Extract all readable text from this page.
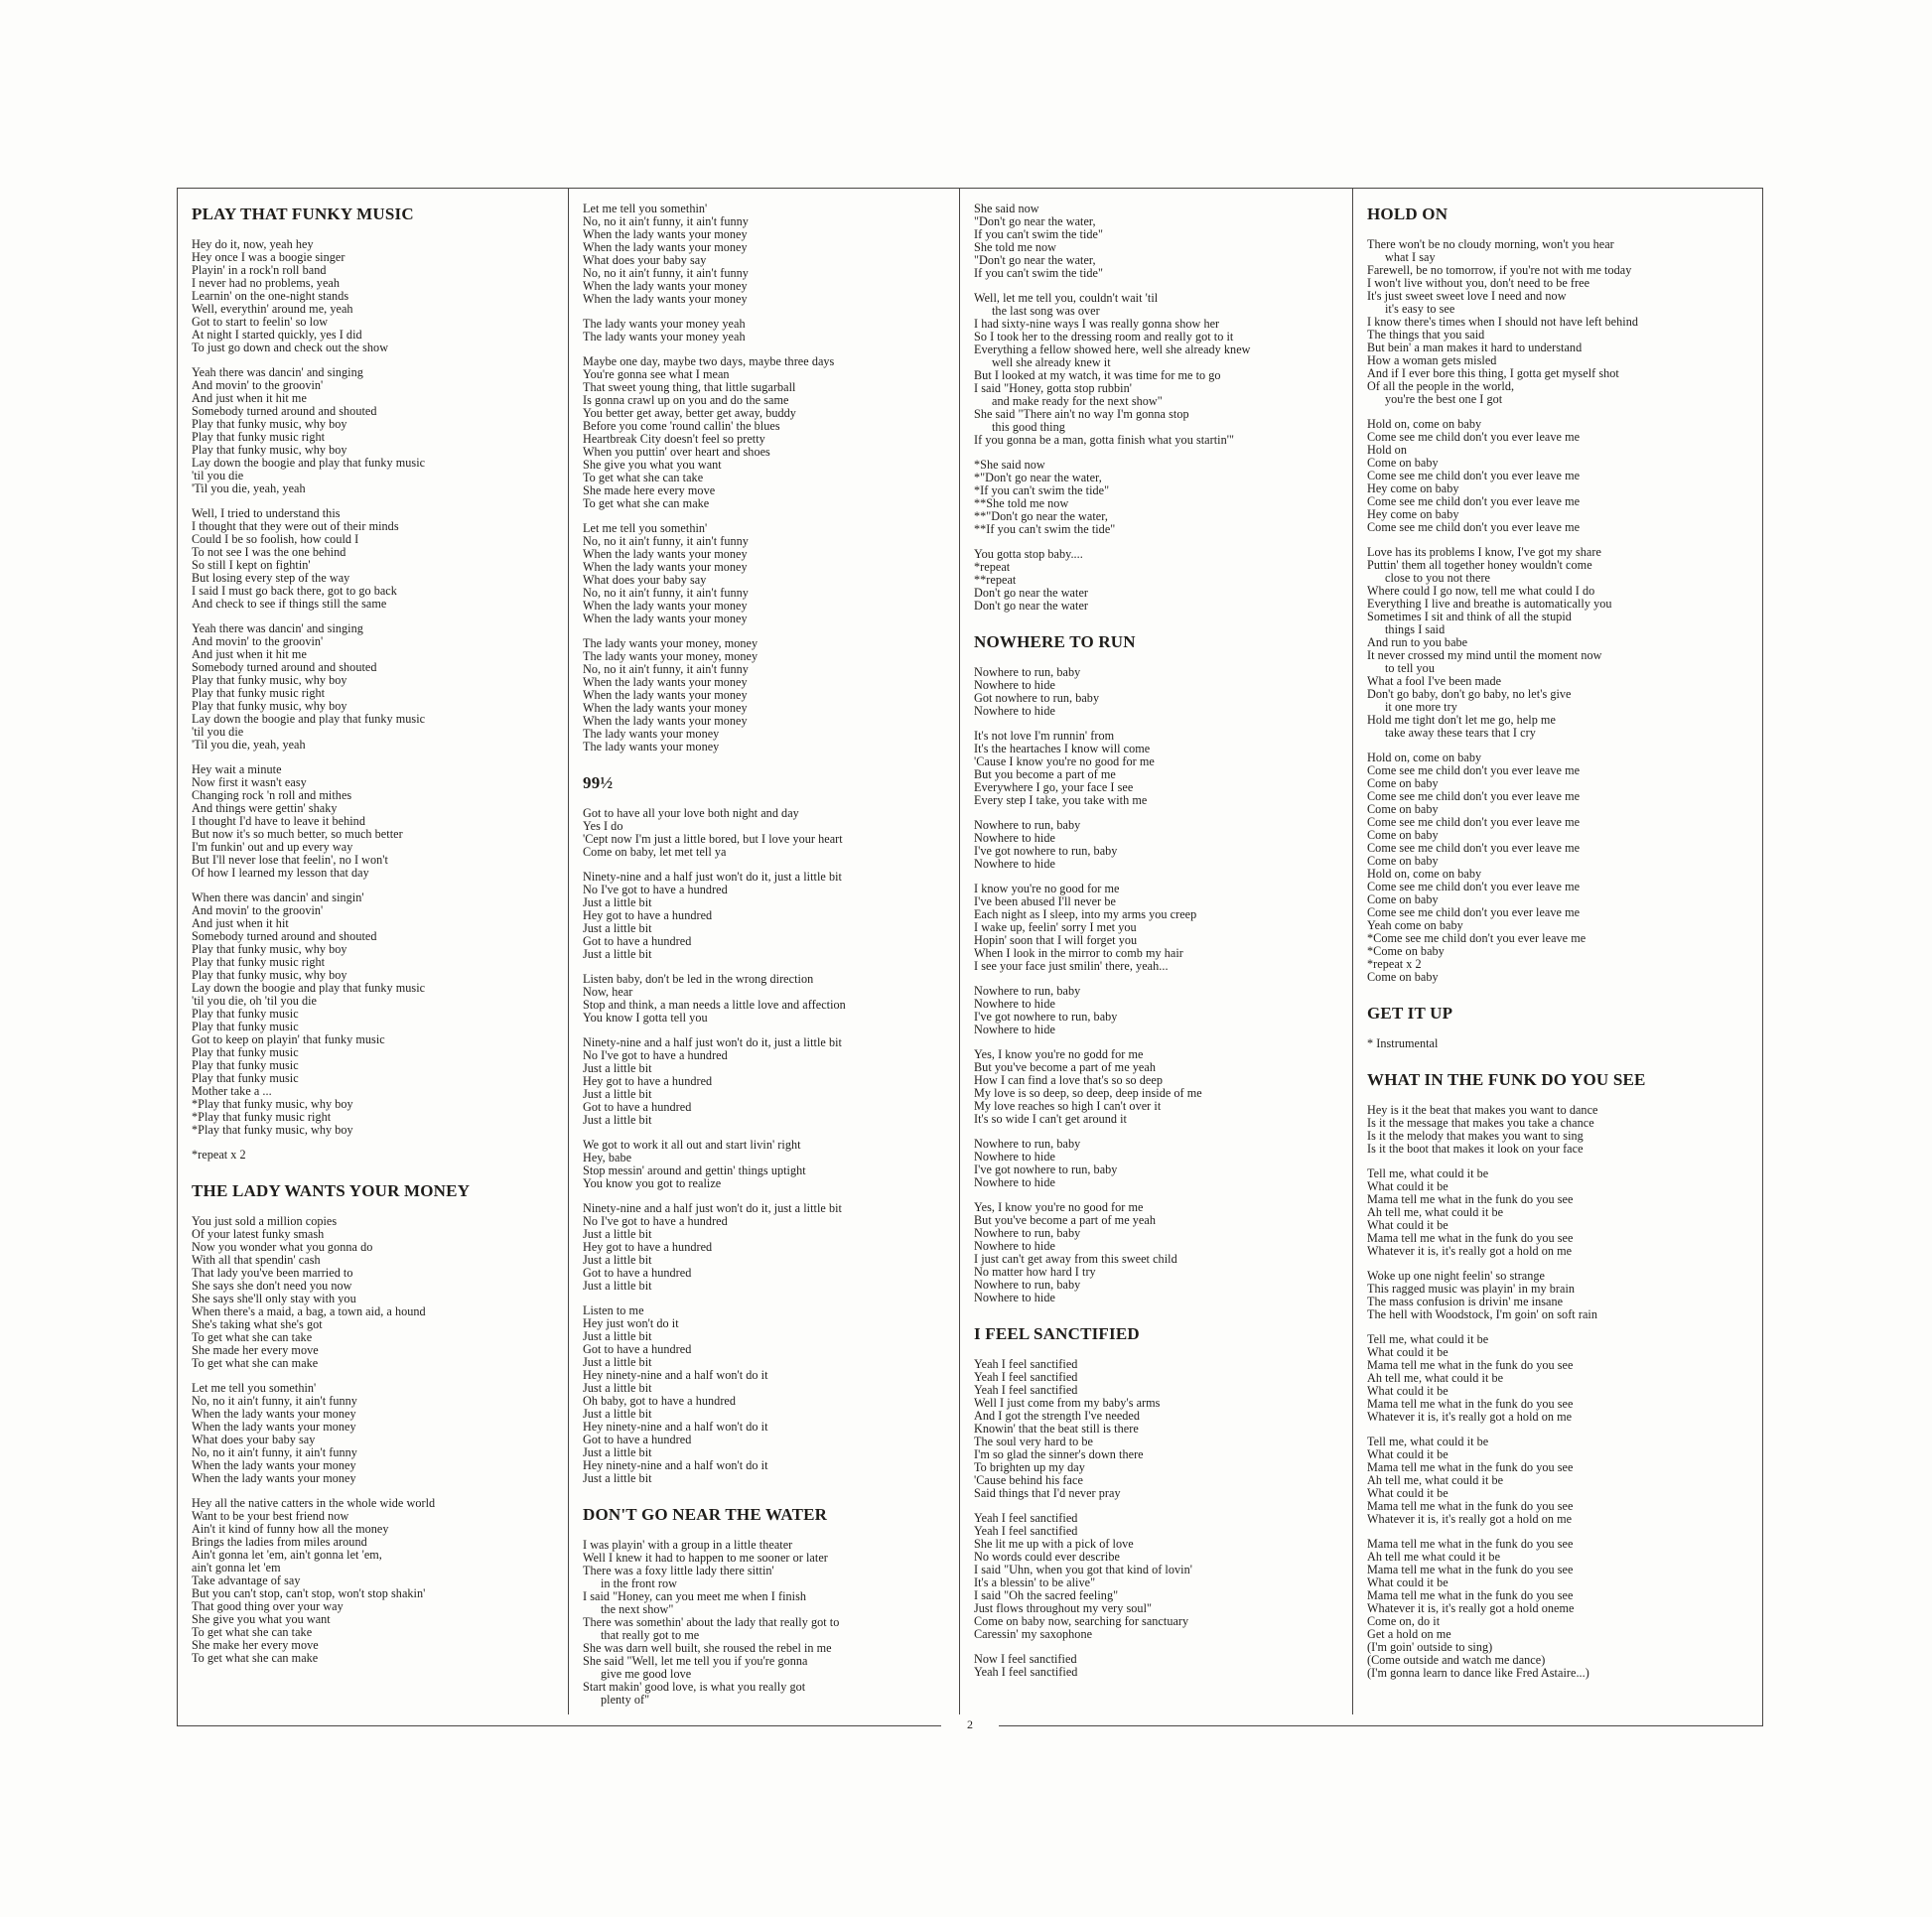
PLAY THAT FUNKY MUSIC
Hey do it, now, yeah hey
Hey once I was a boogie singer
Playin' in a rock'n roll band
I never had no problems, yeah
Learnin' on the one-night stands
Well, everythin' around me, yeah
Got to start to feelin' so low
At night I started quickly, yes I did
To just go down and check out the show
Yeah there was dancin' and singing
And movin' to the groovin'
And just when it hit me
Somebody turned around and shouted
Play that funky music, why boy
Play that funky music right
Play that funky music, why boy
Lay down the boogie and play that funky music
'til you die
'Til you die, yeah, yeah
Well, I tried to understand this
I thought that they were out of their minds
Could I be so foolish, how could I
To not see I was the one behind
So still I kept on fightin'
But losing every step of the way
I said I must go back there, got to go back
And check to see if things still the same
Yeah there was dancin' and singing
And movin' to the groovin'
And just when it hit me
Somebody turned around and shouted
Play that funky music, why boy
Play that funky music right
Play that funky music, why boy
Lay down the boogie and play that funky music
'til you die
'Til you die, yeah, yeah
Hey wait a minute
Now first it wasn't easy
Changing rock 'n roll and mithes
And things were gettin' shaky
I thought I'd have to leave it behind
But now it's so much better, so much better
I'm funkin' out and up every way
But I'll never lose that feelin', no I won't
Of how I learned my lesson that day
When there was dancin' and singin'
And movin' to the groovin'
And just when it hit
Somebody turned around and shouted
Play that funky music, why boy
Play that funky music right
Play that funky music, why boy
Lay down the boogie and play that funky music
'til you die, oh 'til you die
Play that funky music
Play that funky music
Got to keep on playin' that funky music
Play that funky music
Play that funky music
Play that funky music
Mother take a ...
*Play that funky music, why boy
*Play that funky music right
*Play that funky music, why boy
*repeat x 2
THE LADY WANTS YOUR MONEY
You just sold a million copies
Of your latest funky smash
Now you wonder what you gonna do
With all that spendin' cash
That lady you've been married to
She says she don't need you now
She says she'll only stay with you
When there's a maid, a bag, a town aid, a hound
She's taking what she's got
To get what she can take
She made her every move
To get what she can make
Let me tell you somethin'
No, no it ain't funny, it ain't funny
When the lady wants your money
When the lady wants your money
What does your baby say
No, no it ain't funny, it ain't funny
When the lady wants your money
When the lady wants your money
Hey all the native catters in the whole wide world
Want to be your best friend now
Ain't it kind of funny how all the money
Brings the ladies from miles around
Ain't gonna let 'em, ain't gonna let 'em,
ain't gonna let 'em
Take advantage of say
But you can't stop, can't stop, won't stop shakin'
That good thing over your way
She give you what you want
To get what she can take
She make her every move
To get what she can make
Let me tell you somethin'
No, no it ain't funny, it ain't funny
When the lady wants your money
When the lady wants your money
What does your baby say
No, no it ain't funny, it ain't funny
When the lady wants your money
When the lady wants your money
The lady wants your money yeah
The lady wants your money yeah
Maybe one day, maybe two days, maybe three days
You're gonna see what I mean
That sweet young thing, that little sugarball
Is gonna crawl up on you and do the same
You better get away, better get away, buddy
Before you come 'round callin' the blues
Heartbreak City doesn't feel so pretty
When you puttin' over heart and shoes
She give you what you want
To get what she can take
She made here every move
To get what she can make
Let me tell you somethin'
No, no it ain't funny, it ain't funny
When the lady wants your money
When the lady wants your money
What does your baby say
No, no it ain't funny, it ain't funny
When the lady wants your money
When the lady wants your money
The lady wants your money, money
The lady wants your money, money
No, no it ain't funny, it ain't funny
When the lady wants your money
When the lady wants your money
When the lady wants your money
When the lady wants your money
The lady wants your money
The lady wants your money
99½
Got to have all your love both night and day
Yes I do
'Cept now I'm just a little bored, but I love your heart
Come on baby, let met tell ya
Ninety-nine and a half just won't do it, just a little bit
No I've got to have a hundred
Just a little bit
Hey got to have a hundred
Just a little bit
Got to have a hundred
Just a little bit
Listen baby, don't be led in the wrong direction
Now, hear
Stop and think, a man needs a little love and affection
You know I gotta tell you
Ninety-nine and a half just won't do it, just a little bit
No I've got to have a hundred
Just a little bit
Hey got to have a hundred
Just a little bit
Got to have a hundred
Just a little bit
We got to work it all out and start livin' right
Hey, babe
Stop messin' around and gettin' things uptight
You know you got to realize
Ninety-nine and a half just won't do it, just a little bit
No I've got to have a hundred
Just a little bit
Hey got to have a hundred
Just a little bit
Got to have a hundred
Just a little bit
Listen to me
Hey just won't do it
Just a little bit
Got to have a hundred
Just a little bit
Hey ninety-nine and a half won't do it
Just a little bit
Oh baby, got to have a hundred
Just a little bit
Hey ninety-nine and a half won't do it
Got to have a hundred
Just a little bit
Hey ninety-nine and a half won't do it
Just a little bit
DON'T GO NEAR THE WATER
I was playin' with a group in a little theater
Well I knew it had to happen to me sooner or later
There was a foxy little lady there sittin'
in the front row
I said "Honey, can you meet me when I finish
the next show"
There was somethin' about the lady that really got to
that really got to me
She was darn well built, she roused the rebel in me
She said "Well, let me tell you if you're gonna
give me good love
Start makin' good love, is what you really got
plenty of"
She said now
"Don't go near the water,
If you can't swim the tide"
She told me now
"Don't go near the water,
If you can't swim the tide"
Well, let me tell you, couldn't wait 'til
the last song was over
I had sixty-nine ways I was really gonna show her
So I took her to the dressing room and really got to it
Everything a fellow showed here, well she already knew
well she already knew it
But I looked at my watch, it was time for me to go
I said "Honey, gotta stop rubbin'
and make ready for the next show"
She said "There ain't no way I'm gonna stop
this good thing
If you gonna be a man, gotta finish what you startin'"
*She said now
*"Don't go near the water,
*If you can't swim the tide"
**She told me now
**"Don't go near the water,
**If you can't swim the tide"
You gotta stop baby....
*repeat
**repeat
Don't go near the water
Don't go near the water
NOWHERE TO RUN
Nowhere to run, baby
Nowhere to hide
Got nowhere to run, baby
Nowhere to hide
It's not love I'm runnin' from
It's the heartaches I know will come
'Cause I know you're no good for me
But you become a part of me
Everywhere I go, your face I see
Every step I take, you take with me
Nowhere to run, baby
Nowhere to hide
I've got nowhere to run, baby
Nowhere to hide
I know you're no good for me
I've been abused I'll never be
Each night as I sleep, into my arms you creep
I wake up, feelin' sorry I met you
Hopin' soon that I will forget you
When I look in the mirror to comb my hair
I see your face just smilin' there, yeah...
Nowhere to run, baby
Nowhere to hide
I've got nowhere to run, baby
Nowhere to hide
Yes, I know you're no godd for me
But you've become a part of me yeah
How I can find a love that's so so deep
My love is so deep, so deep, deep inside of me
My love reaches so high I can't over it
It's so wide I can't get around it
Nowhere to run, baby
Nowhere to hide
I've got nowhere to run, baby
Nowhere to hide
Yes, I know you're no good for me
But you've become a part of me yeah
Nowhere to run, baby
Nowhere to hide
I just can't get away from this sweet child
No matter how hard I try
Nowhere to run, baby
Nowhere to hide
I FEEL SANCTIFIED
Yeah I feel sanctified
Yeah I feel sanctified
Yeah I feel sanctified
Well I just come from my baby's arms
And I got the strength I've needed
Knowin' that the beat still is there
The soul very hard to be
I'm so glad the sinner's down there
To brighten up my day
'Cause behind his face
Said things that I'd never pray
Yeah I feel sanctified
Yeah I feel sanctified
She lit me up with a pick of love
No words could ever describe
I said "Uhn, when you got that kind of lovin'
It's a blessin' to be alive"
I said "Oh the sacred feeling"
Just flows throughout my very soul"
Come on baby now, searching for sanctuary
Caressin' my saxophone
Now I feel sanctified
Yeah I feel sanctified
HOLD ON
There won't be no cloudy morning, won't you hear
what I say
Farewell, be no tomorrow, if you're not with me today
I won't live without you, don't need to be free
It's just sweet sweet love I need and now
it's easy to see
I know there's times when I should not have left behind
The things that you said
But bein' a man makes it hard to understand
How a woman gets misled
And if I ever bore this thing, I gotta get myself shot
Of all the people in the world,
you're the best one I got
Hold on, come on baby
Come see me child don't you ever leave me
Hold on
Come on baby
Come see me child don't you ever leave me
Hey come on baby
Come see me child don't you ever leave me
Hey come on baby
Come see me child don't you ever leave me
Love has its problems I know, I've got my share
Puttin' them all together honey wouldn't come
close to you not there
Where could I go now, tell me what could I do
Everything I live and breathe is automatically you
Sometimes I sit and think of all the stupid
things I said
And run to you babe
It never crossed my mind until the moment now
to tell you
What a fool I've been made
Don't go baby, don't go baby, no let's give
it one more try
Hold me tight don't let me go, help me
take away these tears that I cry
Hold on, come on baby
Come see me child don't you ever leave me
Come on baby
Come see me child don't you ever leave me
Come on baby
Come see me child don't you ever leave me
Come on baby
Come see me child don't you ever leave me
Come on baby
Hold on, come on baby
Come see me child don't you ever leave me
Come on baby
Come see me child don't you ever leave me
Yeah come on baby
*Come see me child don't you ever leave me
*Come on baby
*repeat x 2
Come on baby
GET IT UP
* Instrumental
WHAT IN THE FUNK DO YOU SEE
Hey is it the beat that makes you want to dance
Is it the message that makes you take a chance
Is it the melody that makes you want to sing
Is it the boot that makes it look on your face
Tell me, what could it be
What could it be
Mama tell me what in the funk do you see
Ah tell me, what could it be
What could it be
Mama tell me what in the funk do you see
Whatever it is, it's really got a hold on me
Woke up one night feelin' so strange
This ragged music was playin' in my brain
The mass confusion is drivin' me insane
The hell with Woodstock, I'm goin' on soft rain
Tell me, what could it be
What could it be
Mama tell me what in the funk do you see
Ah tell me, what could it be
What could it be
Mama tell me what in the funk do you see
Whatever it is, it's really got a hold on me
Tell me, what could it be
What could it be
Mama tell me what in the funk do you see
Ah tell me, what could it be
What could it be
Mama tell me what in the funk do you see
Whatever it is, it's really got a hold on me
Mama tell me what in the funk do you see
Ah tell me what could it be
Mama tell me what in the funk do you see
What could it be
Mama tell me what in the funk do you see
Whatever it is, it's really got a hold oneme
Come on, do it
Get a hold on me
(I'm goin' outside to sing)
(Come outside and watch me dance)
(I'm gonna learn to dance like Fred Astaire...)
2
